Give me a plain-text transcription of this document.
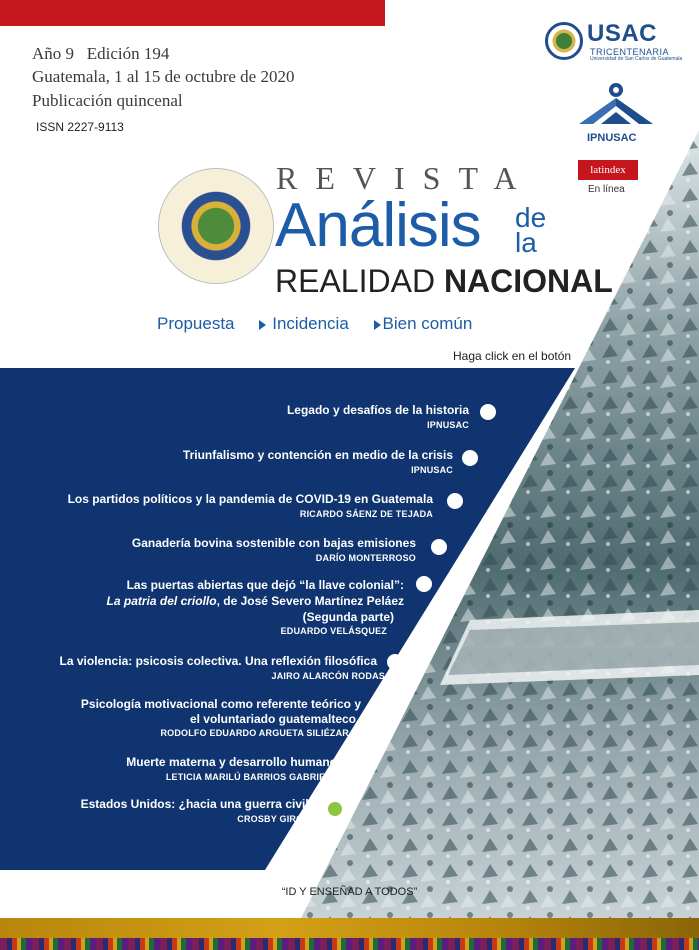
Año 9   Edición 194
Guatemala, 1 al 15 de octubre de 2020
Publicación quincenal
ISSN 2227-9113
USAC
TRICENTENARIA
Universidad de San Carlos de Guatemala
IPNUSAC
latindex
En línea
REVISTA
Análisis de
la
REALIDAD NACIONAL
Propuesta Incidencia Bien común
Haga click en el botón
Legado y desafíos de la historia
IPNUSAC
Triunfalismo y contención en medio de la crisis
IPNUSAC
Los partidos políticos y la pandemia de COVID-19 en Guatemala
RICARDO SÁENZ DE TEJADA
Ganadería bovina sostenible con bajas emisiones
DARÍO MONTERROSO
Las puertas abiertas que dejó “la llave colonial”:
La patria del criollo, de José Severo Martínez Peláez
(Segunda parte)
EDUARDO VELÁSQUEZ
La violencia: psicosis colectiva. Una reflexión filosófica
JAIRO ALARCÓN RODAS
Psicología motivacional como referente teórico y
el voluntariado guatemalteco
RODOLFO EDUARDO ARGUETA SILIÉZAR
Muerte materna y desarrollo humano
LETICIA MARILÚ BARRIOS GABRIEL
Estados Unidos: ¿hacia una guerra civil?
CROSBY GIRÓN
“ID Y ENSEÑAD A TODOS”
